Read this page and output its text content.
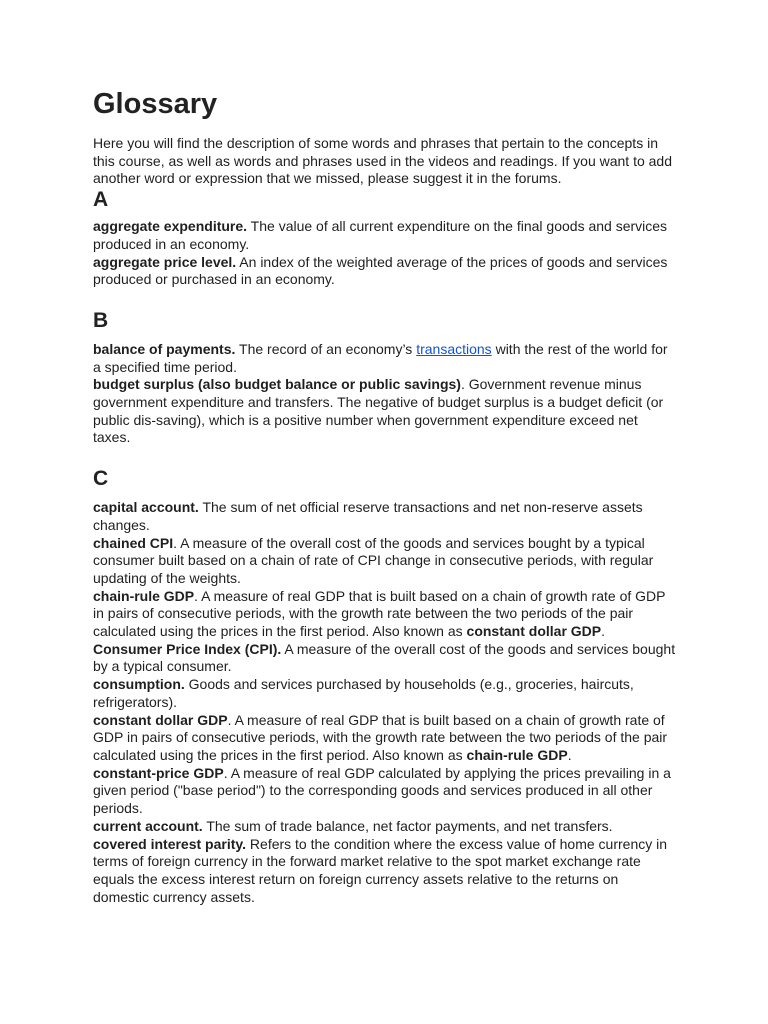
Glossary

Here you will find the description of some words and phrases that pertain to the concepts in this course, as well as words and phrases used in the videos and readings. If you want to add another word or expression that we missed, please suggest it in the forums.

A

aggregate expenditure. The value of all current expenditure on the final goods and services produced in an economy.

aggregate price level. An index of the weighted average of the prices of goods and services produced or purchased in an economy.

B

balance of payments. The record of an economy’s transactions with the rest of the world for a specified time period.

budget surplus (also budget balance or public savings). Government revenue minus government expenditure and transfers. The negative of budget surplus is a budget deficit (or public dis-saving), which is a positive number when government expenditure exceed net taxes.

C

capital account. The sum of net official reserve transactions and net non-reserve assets changes.

chained CPI. A measure of the overall cost of the goods and services bought by a typical consumer built based on a chain of rate of CPI change in consecutive periods, with regular updating of the weights.

chain-rule GDP. A measure of real GDP that is built based on a chain of growth rate of GDP in pairs of consecutive periods, with the growth rate between the two periods of the pair calculated using the prices in the first period. Also known as constant dollar GDP.

Consumer Price Index (CPI). A measure of the overall cost of the goods and services bought by a typical consumer.

consumption. Goods and services purchased by households (e.g., groceries, haircuts, refrigerators).

constant dollar GDP. A measure of real GDP that is built based on a chain of growth rate of GDP in pairs of consecutive periods, with the growth rate between the two periods of the pair calculated using the prices in the first period. Also known as chain-rule GDP.

constant-price GDP. A measure of real GDP calculated by applying the prices prevailing in a given period ("base period") to the corresponding goods and services produced in all other periods.

current account. The sum of trade balance, net factor payments, and net transfers.

covered interest parity. Refers to the condition where the excess value of home currency in terms of foreign currency in the forward market relative to the spot market exchange rate equals the excess interest return on foreign currency assets relative to the returns on domestic currency assets.
